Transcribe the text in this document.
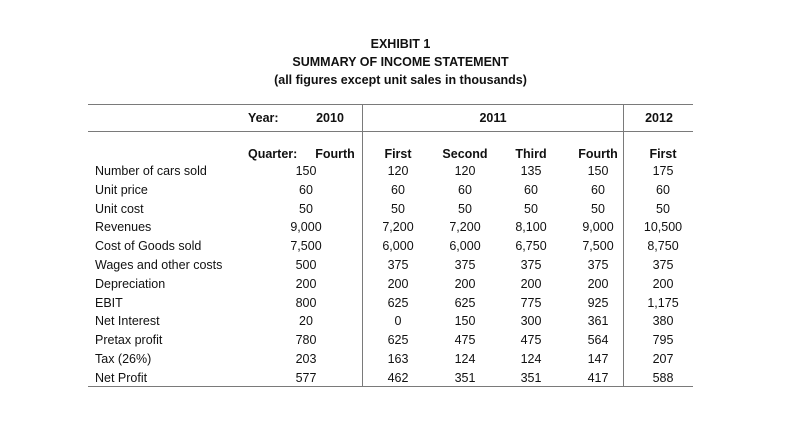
EXHIBIT 1
SUMMARY OF INCOME STATEMENT
(all figures except unit sales in thousands)
Year:	2010	2011	2012
Quarter:	Fourth	First	Second	Third	Fourth	First
Number of cars sold	150	120	120	135	150	175
Unit price	60	60	60	60	60	60
Unit cost	50	50	50	50	50	50
Revenues	9,000	7,200	7,200	8,100	9,000	10,500
Cost of Goods sold	7,500	6,000	6,000	6,750	7,500	8,750
Wages and other costs	500	375	375	375	375	375
Depreciation	200	200	200	200	200	200
EBIT	800	625	625	775	925	1,175
Net Interest	20	0	150	300	361	380
Pretax profit	780	625	475	475	564	795
Tax (26%)	203	163	124	124	147	207
Net Profit	577	462	351	351	417	588
